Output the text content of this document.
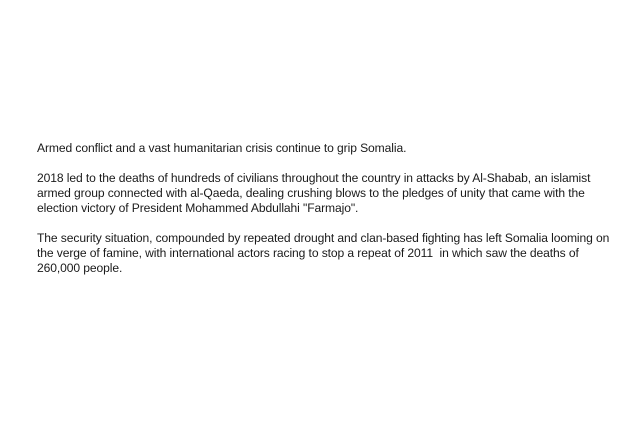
Armed conflict and a vast humanitarian crisis continue to grip Somalia.

2018 led to the deaths of hundreds of civilians throughout the country in attacks by Al-Shabab, an islamist armed group connected with al-Qaeda, dealing crushing blows to the pledges of unity that came with the election victory of President Mohammed Abdullahi "Farmajo".

The security situation, compounded by repeated drought and clan-based fighting has left Somalia looming on the verge of famine, with international actors racing to stop a repeat of 2011  in which saw the deaths of 260,000 people.
